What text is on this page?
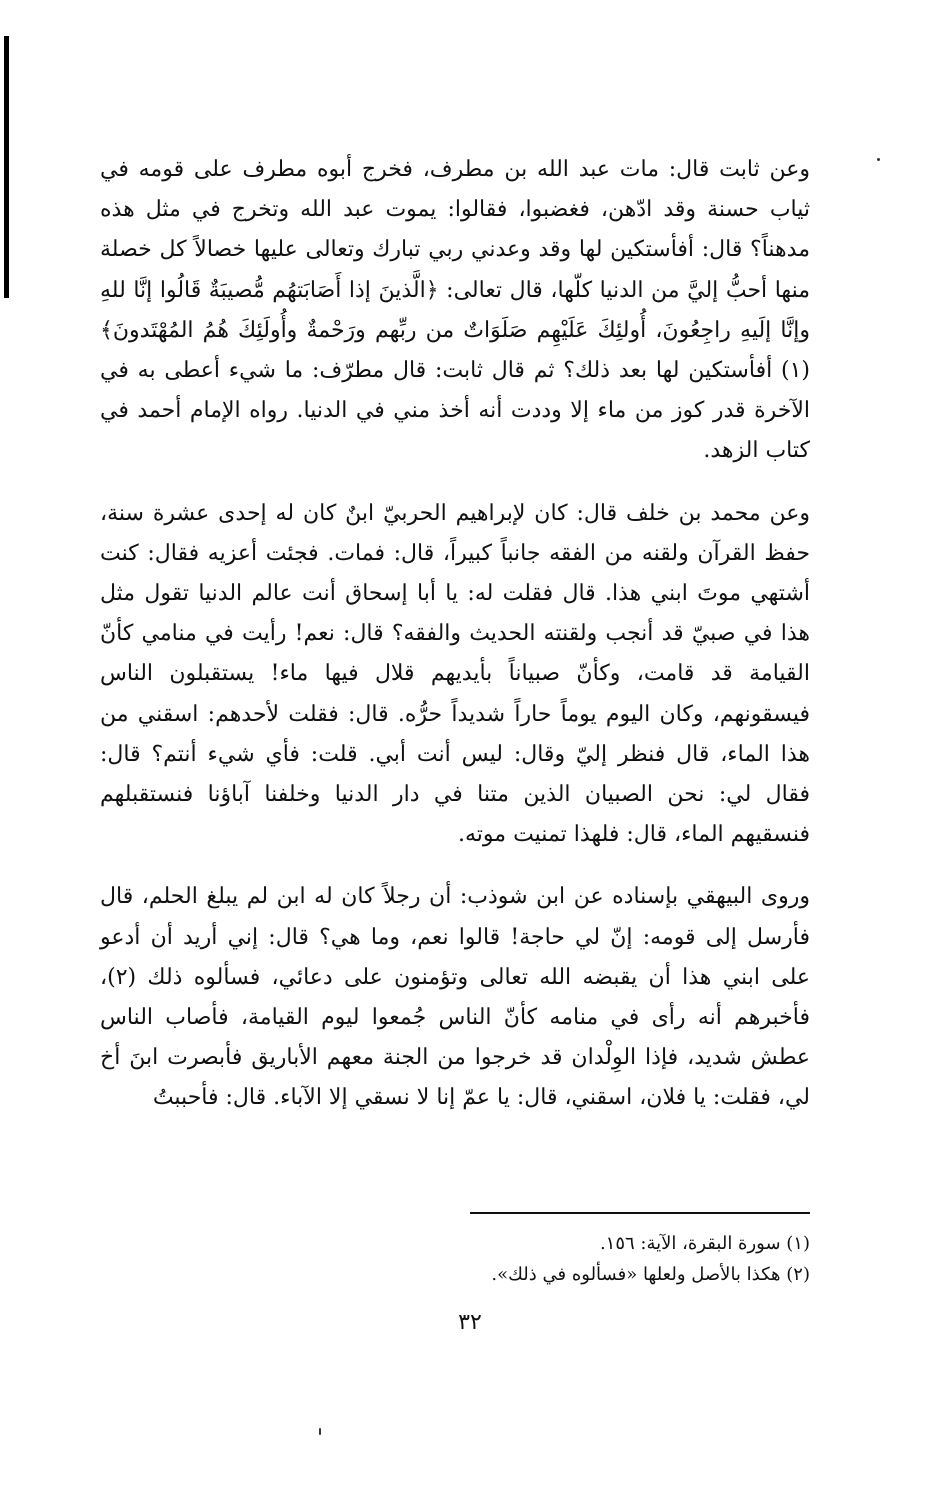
وعن ثابت قال: مات عبد الله بن مطرف، فخرج أبوه مطرف على قومه في ثياب حسنة وقد ادّهن، فغضبوا، فقالوا: يموت عبد الله وتخرج في مثل هذه مدهناً؟ قال: أفأستكين لها وقد وعدني ربي تبارك وتعالى عليها خصالاً كل خصلة منها أحبُّ إليَّ من الدنيا كلّها، قال تعالى: ﴿الَّذينَ إذا أَصَابَتهُم مُّصيبَةٌ قَالُوا إنَّا للهِ وإنَّا إلَيهِ راجِعُونَ، أُولئِكَ عَلَيْهِم صَلَوَاتٌ من ربِّهم ورَحْمةٌ وأُولَئِكَ هُمُ المُهْتَدونَ﴾ (١) أفأستكين لها بعد ذلك؟ ثم قال ثابت: قال مطرّف: ما شيء أعطى به في الآخرة قدر كوز من ماء إلا وددت أنه أخذ مني في الدنيا. رواه الإمام أحمد في كتاب الزهد.

وعن محمد بن خلف قال: كان لإبراهيم الحربيّ ابنٌ كان له إحدى عشرة سنة، حفظ القرآن ولقنه من الفقه جانباً كبيراً، قال: فمات. فجئت أعزيه فقال: كنت أشتهي موتَ ابني هذا. قال فقلت له: يا أبا إسحاق أنت عالم الدنيا تقول مثل هذا في صبيّ قد أنجب ولقنته الحديث والفقه؟ قال: نعم! رأيت في منامي كأنّ القيامة قد قامت، وكأنّ صبياناً بأيديهم قلال فيها ماء! يستقبلون الناس فيسقونهم، وكان اليوم يوماً حاراً شديداً حرُّه. قال: فقلت لأحدهم: اسقني من هذا الماء، قال فنظر إليّ وقال: ليس أنت أبي. قلت: فأي شيء أنتم؟ قال: فقال لي: نحن الصبيان الذين متنا في دار الدنيا وخلفنا آباؤنا فنستقبلهم فنسقيهم الماء، قال: فلهذا تمنيت موته.

وروى البيهقي بإسناده عن ابن شوذب: أن رجلاً كان له ابن لم يبلغ الحلم، قال فأرسل إلى قومه: إنّ لي حاجة! قالوا نعم، وما هي؟ قال: إني أريد أن أدعو على ابني هذا أن يقبضه الله تعالى وتؤمنون على دعائي، فسألوه ذلك (٢)، فأخبرهم أنه رأى في منامه كأنّ الناس جُمعوا ليوم القيامة، فأصاب الناس عطش شديد، فإذا الوِلْدان قد خرجوا من الجنة معهم الأباريق فأبصرت ابنَ أخ لي، فقلت: يا فلان، اسقني، قال: يا عمّ إنا لا نسقي إلا الآباء. قال: فأحببتُ

(١) سورة البقرة، الآية: ١٥٦.

(٢) هكذا بالأصل ولعلها «فسألوه في ذلك».

٣٢
